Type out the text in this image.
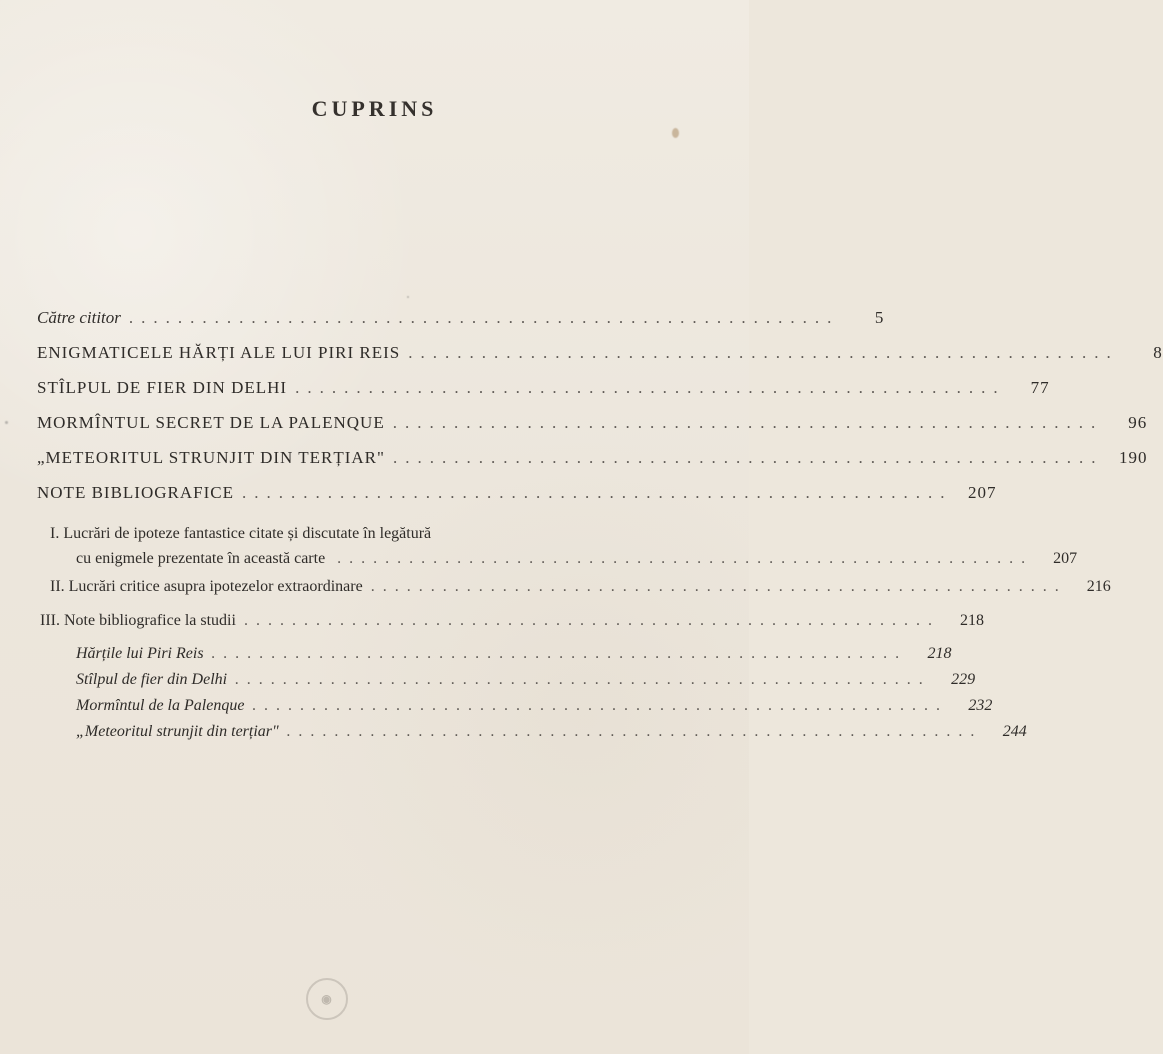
CUPRINS
Către cititor ..........................................................	5
ENIGMATICELE HĂRȚI ALE LUI PIRI REIS ..........................................................	8
STÎLPUL DE FIER DIN DELHI ..........................................................	77
MORMÎNTUL SECRET DE LA PALENQUE ..........................................................	96
„METEORITUL STRUNJIT DIN TERȚIAR" .......................................................... 190
NOTE BIBLIOGRAFICE .......................................................... 207
I. Lucrări de ipoteze fantastice citate și discutate în legătură
cu enigmele prezentate în această carte ..........................................................	207
II. Lucrări critice asupra ipotezelor extraordinare ..........................................................	216
III. Note bibliografice la studii ..........................................................	218
Hărțile lui Piri Reis ..........................................................	218
Stîlpul de fier din Delhi ..........................................................	229
Mormîntul de la Palenque ..........................................................	232
„Meteoritul strunjit din terțiar" ..........................................................	244
◉
